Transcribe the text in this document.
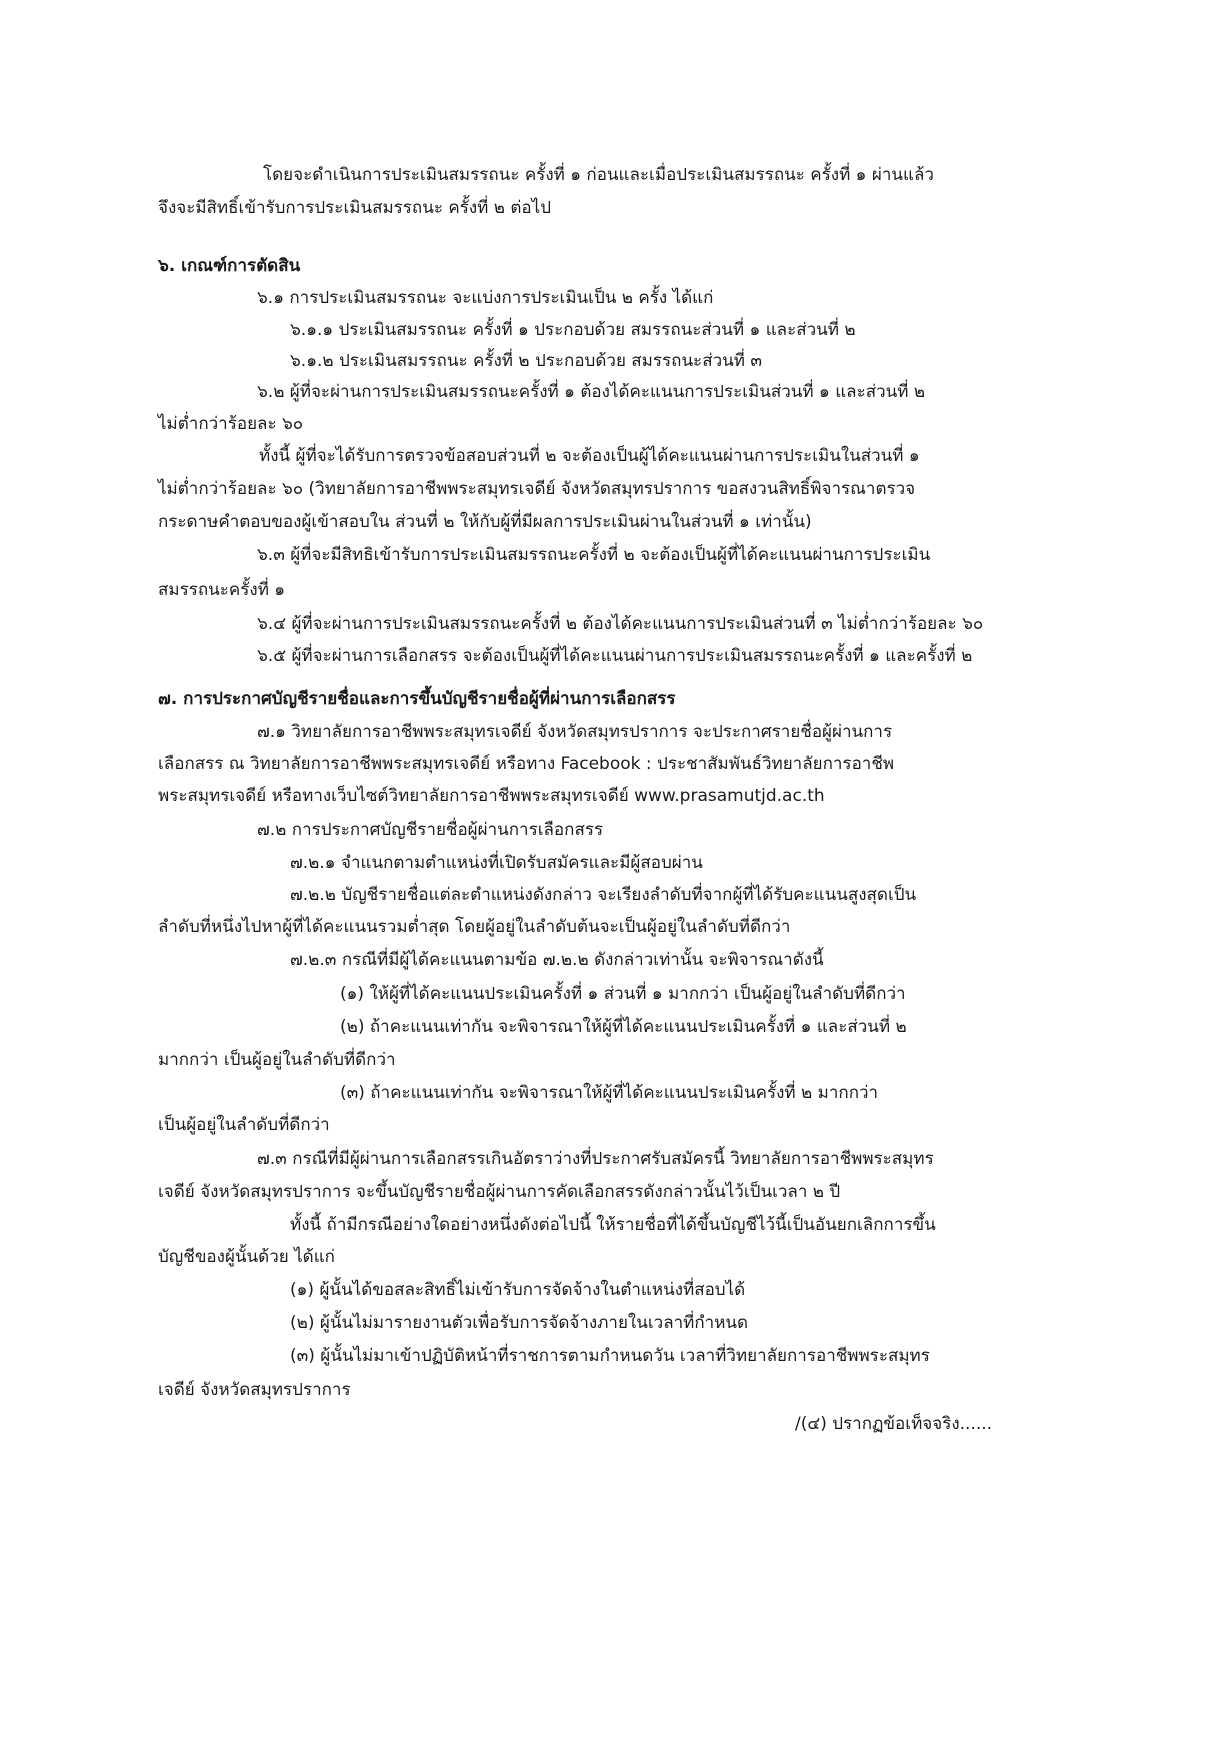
โดยจะดำเนินการประเมินสมรรถนะ ครั้งที่ ๑ ก่อนและเมื่อประเมินสมรรถนะ ครั้งที่ ๑ ผ่านแล้ว
จึงจะมีสิทธิ์เข้ารับการประเมินสมรรถนะ ครั้งที่ ๒ ต่อไป
๖. เกณฑ์การตัดสิน
๖.๑ การประเมินสมรรถนะ จะแบ่งการประเมินเป็น ๒ ครั้ง ได้แก่
๖.๑.๑ ประเมินสมรรถนะ ครั้งที่ ๑ ประกอบด้วย สมรรถนะส่วนที่ ๑ และส่วนที่ ๒
๖.๑.๒ ประเมินสมรรถนะ ครั้งที่ ๒ ประกอบด้วย สมรรถนะส่วนที่ ๓
๖.๒ ผู้ที่จะผ่านการประเมินสมรรถนะครั้งที่ ๑ ต้องได้คะแนนการประเมินส่วนที่ ๑ และส่วนที่ ๒
ไม่ต่ำกว่าร้อยละ ๖๐
ทั้งนี้ ผู้ที่จะได้รับการตรวจข้อสอบส่วนที่ ๒ จะต้องเป็นผู้ได้คะแนนผ่านการประเมินในส่วนที่ ๑
ไม่ต่ำกว่าร้อยละ ๖๐ (วิทยาลัยการอาชีพพระสมุทรเจดีย์ จังหวัดสมุทรปราการ ขอสงวนสิทธิ์พิจารณาตรวจ
กระดาษคำตอบของผู้เข้าสอบใน ส่วนที่ ๒ ให้กับผู้ที่มีผลการประเมินผ่านในส่วนที่ ๑ เท่านั้น)
๖.๓ ผู้ที่จะมีสิทธิเข้ารับการประเมินสมรรถนะครั้งที่ ๒ จะต้องเป็นผู้ที่ได้คะแนนผ่านการประเมิน
สมรรถนะครั้งที่ ๑
๖.๔ ผู้ที่จะผ่านการประเมินสมรรถนะครั้งที่ ๒ ต้องได้คะแนนการประเมินส่วนที่ ๓ ไม่ต่ำกว่าร้อยละ ๖๐
๖.๕ ผู้ที่จะผ่านการเลือกสรร จะต้องเป็นผู้ที่ได้คะแนนผ่านการประเมินสมรรถนะครั้งที่ ๑ และครั้งที่ ๒
๗. การประกาศบัญชีรายชื่อและการขึ้นบัญชีรายชื่อผู้ที่ผ่านการเลือกสรร
๗.๑ วิทยาลัยการอาชีพพระสมุทรเจดีย์ จังหวัดสมุทรปราการ จะประกาศรายชื่อผู้ผ่านการ
เลือกสรร ณ วิทยาลัยการอาชีพพระสมุทรเจดีย์ หรือทาง Facebook : ประชาสัมพันธ์วิทยาลัยการอาชีพ
พระสมุทรเจดีย์ หรือทางเว็บไซต์วิทยาลัยการอาชีพพระสมุทรเจดีย์ www.prasamutjd.ac.th
๗.๒ การประกาศบัญชีรายชื่อผู้ผ่านการเลือกสรร
๗.๒.๑ จำแนกตามตำแหน่งที่เปิดรับสมัครและมีผู้สอบผ่าน
๗.๒.๒ บัญชีรายชื่อแต่ละตำแหน่งดังกล่าว จะเรียงลำดับที่จากผู้ที่ได้รับคะแนนสูงสุดเป็น
ลำดับที่หนึ่งไปหาผู้ที่ได้คะแนนรวมต่ำสุด โดยผู้อยู่ในลำดับต้นจะเป็นผู้อยู่ในลำดับที่ดีกว่า
๗.๒.๓ กรณีที่มีผู้ได้คะแนนตามข้อ ๗.๒.๒ ดังกล่าวเท่านั้น จะพิจารณาดังนี้
(๑) ให้ผู้ที่ได้คะแนนประเมินครั้งที่ ๑ ส่วนที่ ๑ มากกว่า เป็นผู้อยู่ในลำดับที่ดีกว่า
(๒) ถ้าคะแนนเท่ากัน จะพิจารณาให้ผู้ที่ได้คะแนนประเมินครั้งที่ ๑ และส่วนที่ ๒
มากกว่า เป็นผู้อยู่ในลำดับที่ดีกว่า
(๓) ถ้าคะแนนเท่ากัน จะพิจารณาให้ผู้ที่ได้คะแนนประเมินครั้งที่ ๒ มากกว่า
เป็นผู้อยู่ในลำดับที่ดีกว่า
๗.๓ กรณีที่มีผู้ผ่านการเลือกสรรเกินอัตราว่างที่ประกาศรับสมัครนี้ วิทยาลัยการอาชีพพระสมุทร
เจดีย์ จังหวัดสมุทรปราการ จะขึ้นบัญชีรายชื่อผู้ผ่านการคัดเลือกสรรดังกล่าวนั้นไว้เป็นเวลา ๒ ปี
ทั้งนี้ ถ้ามีกรณีอย่างใดอย่างหนึ่งดังต่อไปนี้ ให้รายชื่อที่ได้ขึ้นบัญชีไว้นี้เป็นอันยกเลิกการขึ้น
บัญชีของผู้นั้นด้วย ได้แก่
(๑) ผู้นั้นได้ขอสละสิทธิ์ไม่เข้ารับการจัดจ้างในตำแหน่งที่สอบได้
(๒) ผู้นั้นไม่มารายงานตัวเพื่อรับการจัดจ้างภายในเวลาที่กำหนด
(๓) ผู้นั้นไม่มาเข้าปฏิบัติหน้าที่ราชการตามกำหนดวัน เวลาที่วิทยาลัยการอาชีพพระสมุทร
เจดีย์ จังหวัดสมุทรปราการ
/(๔) ปรากฏข้อเท็จจริง......
